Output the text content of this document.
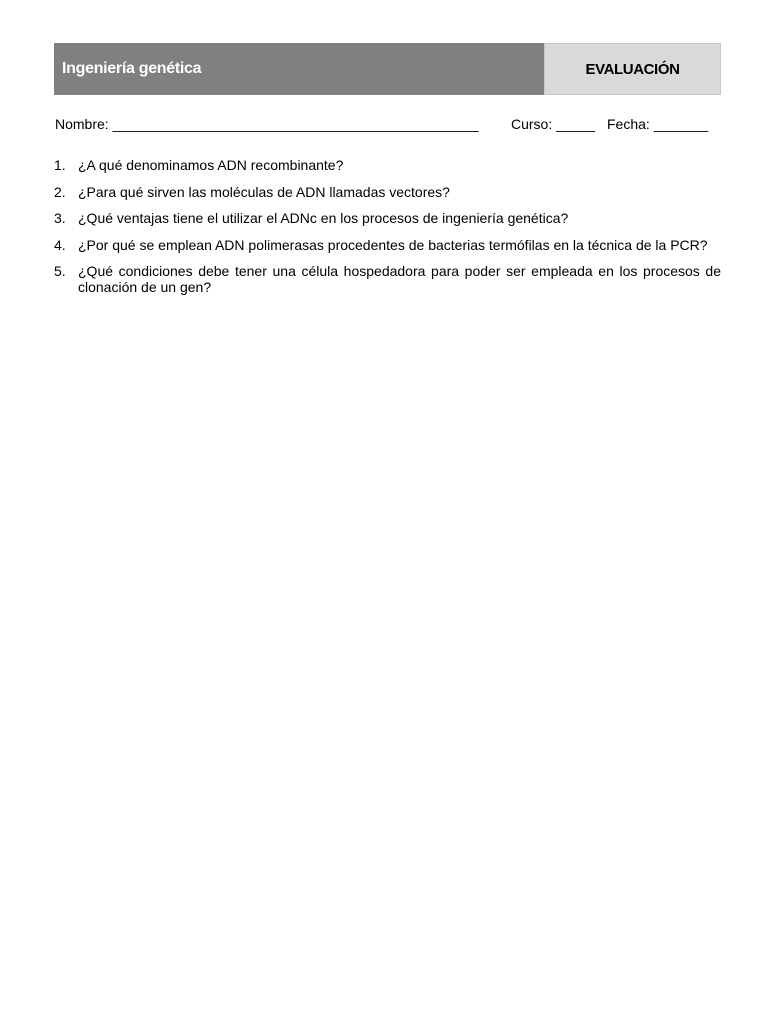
Ingeniería genética	EVALUACIÓN
Nombre: _______________________________________________ Curso: _____ Fecha: _______
1. ¿A qué denominamos ADN recombinante?
2. ¿Para qué sirven las moléculas de ADN llamadas vectores?
3. ¿Qué ventajas tiene el utilizar el ADNc en los procesos de ingeniería genética?
4. ¿Por qué se emplean ADN polimerasas procedentes de bacterias termófilas en la técnica de la PCR?
5. ¿Qué condiciones debe tener una célula hospedadora para poder ser empleada en los procesos de clonación de un gen?
